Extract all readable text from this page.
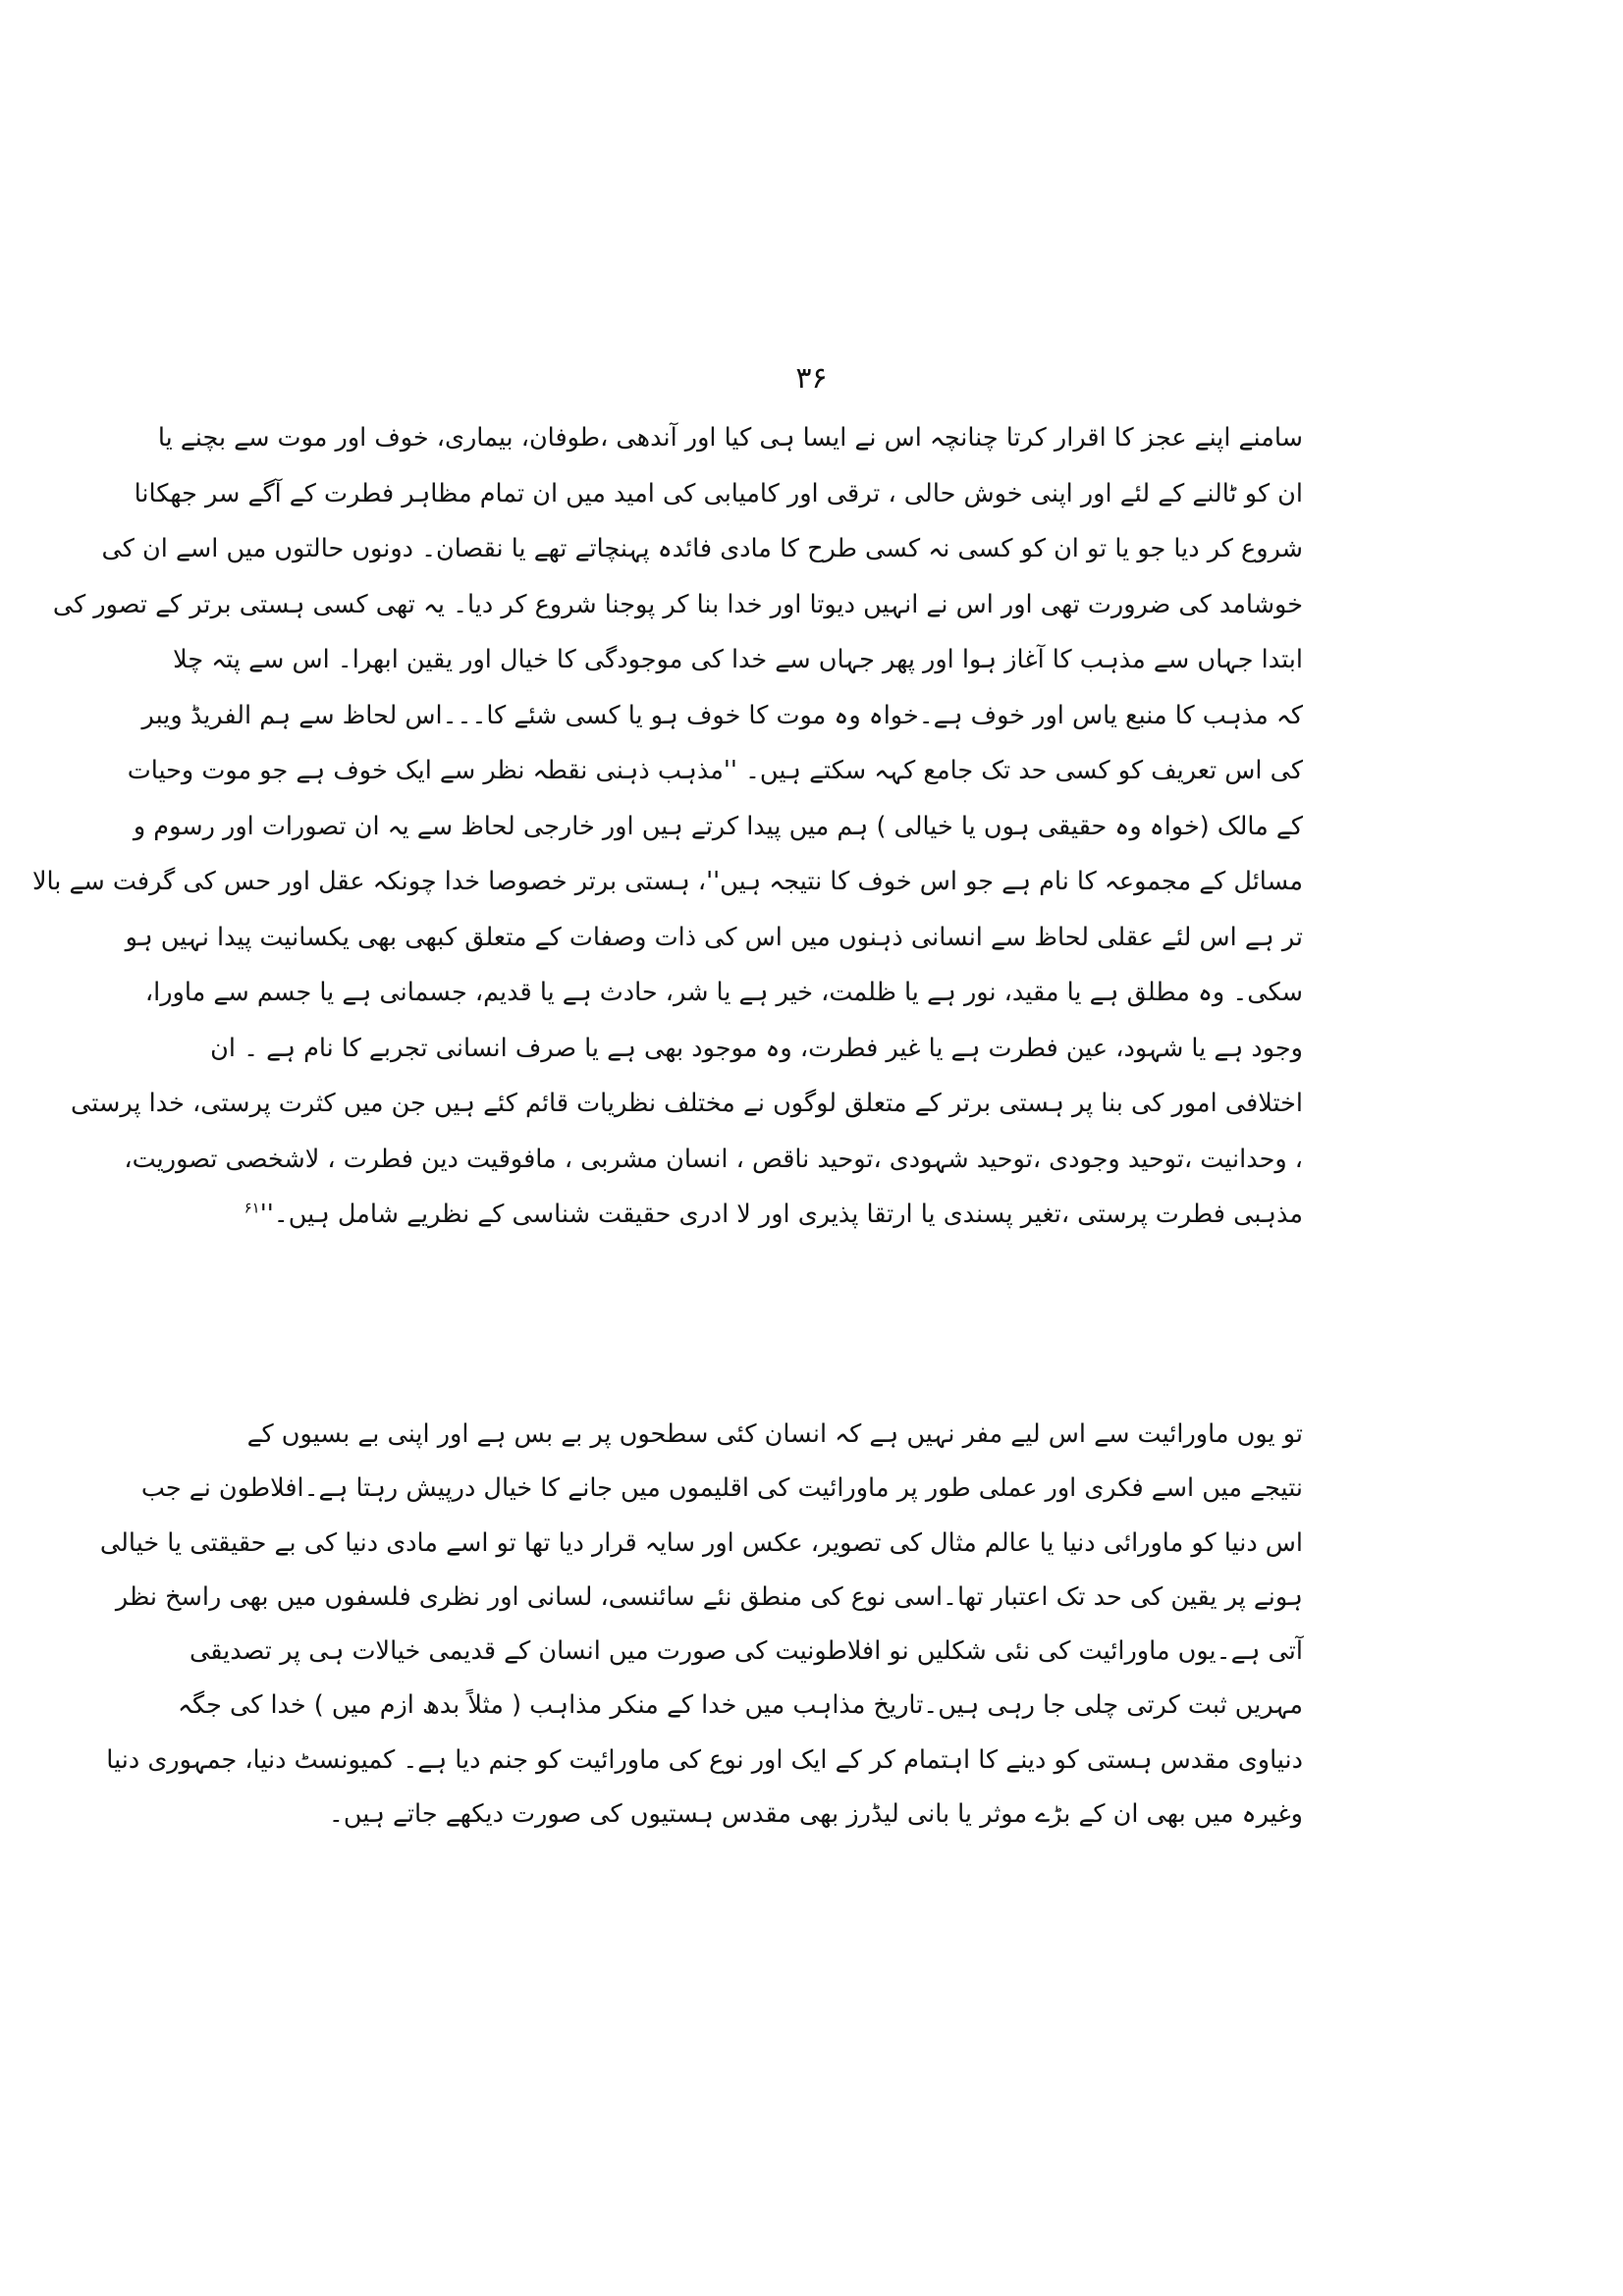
۳۶
سامنے اپنے عجز کا اقرار کرتا چنانچہ اس نے ایسا ہی کیا اور آندھی ،طوفان، بیماری، خوف اور موت سے بچنے یا
ان کو ٹالنے کے لئے اور اپنی خوش حالی ، ترقی اور کامیابی کی امید میں ان تمام مظاہر فطرت کے آگے سر جھکانا
شروع کر دیا جو یا تو ان کو کسی نہ کسی طرح کا مادی فائدہ پہنچاتے تھے یا نقصان۔ دونوں حالتوں میں اسے ان کی
خوشامد کی ضرورت تھی اور اس نے انہیں دیوتا اور خدا بنا کر پوجنا شروع کر دیا۔ یہ تھی کسی ہستی برتر کے تصور کی
ابتدا جہاں سے مذہب کا آغاز ہوا اور پھر جہاں سے خدا کی موجودگی کا خیال اور یقین ابھرا۔ اس سے پتہ چلا
کہ مذہب کا منبع یاس اور خوف ہے۔خواہ وہ موت کا خوف ہو یا کسی شئے کا۔۔۔اس لحاظ سے ہم الفریڈ ویبر
کی اس تعریف کو کسی حد تک جامع کہہ سکتے ہیں۔ ''مذہب ذہنی نقطہ نظر سے ایک خوف ہے جو موت وحیات
کے مالک (خواہ وہ حقیقی ہوں یا خیالی ) ہم میں پیدا کرتے ہیں اور خارجی لحاظ سے یہ ان تصورات اور رسوم و
مسائل کے مجموعہ کا نام ہے جو اس خوف کا نتیجہ ہیں''، ہستی برتر خصوصا خدا چونکہ عقل اور حس کی گرفت سے بالا
تر ہے اس لئے عقلی لحاظ سے انسانی ذہنوں میں اس کی ذات وصفات کے متعلق کبھی بھی یکسانیت پیدا نہیں ہو
سکی۔ وہ مطلق ہے یا مقید، نور ہے یا ظلمت، خیر ہے یا شر، حادث ہے یا قدیم، جسمانی ہے یا جسم سے ماورا،
وجود ہے یا شہود، عین فطرت ہے یا غیر فطرت، وہ موجود بھی ہے یا صرف انسانی تجربے کا نام ہے ۔ ان
اختلافی امور کی بنا پر ہستی برتر کے متعلق لوگوں نے مختلف نظریات قائم کئے ہیں جن میں کثرت پرستی، خدا پرستی
، وحدانیت ،توحید وجودی ،توحید شہودی ،توحید ناقص ، انسان مشربی ، مافوقیت دین فطرت ، لاشخصی تصوریت،
مذہبی فطرت پرستی ،تغیر پسندی یا ارتقا پذیری اور لا ادری حقیقت شناسی کے نظریے شامل ہیں۔''$^{۶۱}$
تو یوں ماورائیت سے اس لیے مفر نہیں ہے کہ انسان کئی سطحوں پر بے بس ہے اور اپنی بے بسیوں کے
نتیجے میں اسے فکری اور عملی طور پر ماورائیت کی اقلیموں میں جانے کا خیال درپیش رہتا ہے۔افلاطون نے جب
اس دنیا کو ماورائی دنیا یا عالم مثال کی تصویر، عکس اور سایہ قرار دیا تھا تو اسے مادی دنیا کی بے حقیقتی یا خیالی
ہونے پر یقین کی حد تک اعتبار تھا۔اسی نوع کی منطق نئے سائنسی، لسانی اور نظری فلسفوں میں بھی راسخ نظر
آتی ہے۔یوں ماورائیت کی نئی شکلیں نو افلاطونیت کی صورت میں انسان کے قدیمی خیالات ہی پر تصدیقی
مہریں ثبت کرتی چلی جا رہی ہیں۔تاریخ مذاہب میں خدا کے منکر مذاہب ( مثلاً بدھ ازم میں ) خدا کی جگہ
دنیاوی مقدس ہستی کو دینے کا اہتمام کر کے ایک اور نوع کی ماورائیت کو جنم دیا ہے۔ کمیونسٹ دنیا، جمہوری دنیا
وغیرہ میں بھی ان کے بڑے موثر یا بانی لیڈرز بھی مقدس ہستیوں کی صورت دیکھے جاتے ہیں۔
